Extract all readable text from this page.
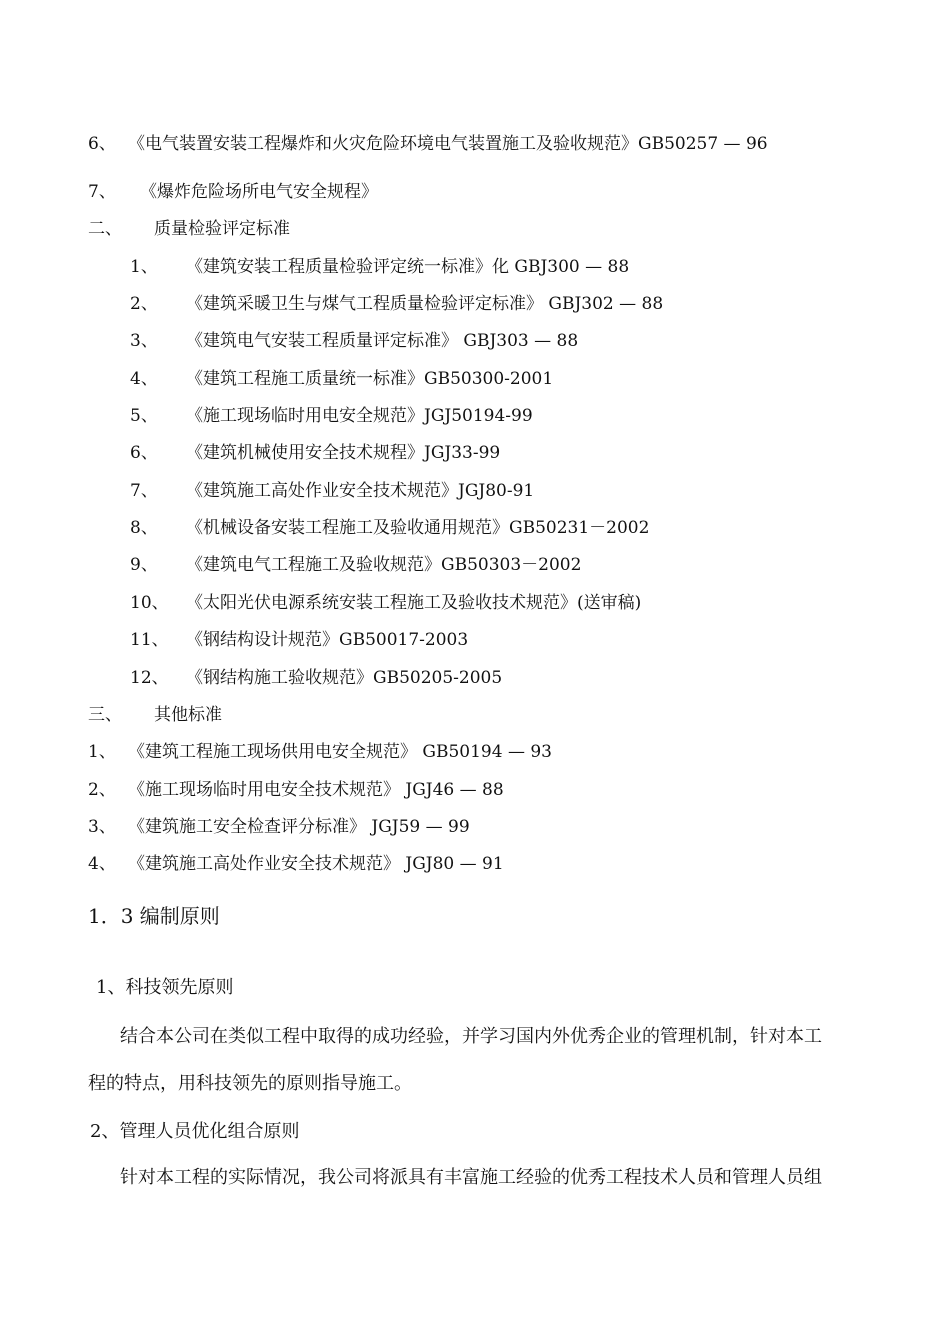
6、

《电气装置安装工程爆炸和火灾危险环境电气装置施工及验收规范》GB50257 — 96

7、

《爆炸危险场所电气安全规程》

二、

质量检验评定标准

1、

《建筑安装工程质量检验评定统一标准》化 GBJ300 — 88

2、

《建筑采暖卫生与煤气工程质量检验评定标准》 GBJ302 — 88

3、

《建筑电气安装工程质量评定标准》 GBJ303 — 88

4、

《建筑工程施工质量统一标准》GB50300-2001

5、

《施工现场临时用电安全规范》JGJ50194-99

6、

《建筑机械使用安全技术规程》JGJ33-99

7、

《建筑施工高处作业安全技术规范》JGJ80-91

8、

《机械设备安装工程施工及验收通用规范》GB50231－2002

9、

《建筑电气工程施工及验收规范》GB50303－2002

10、

《太阳光伏电源系统安装工程施工及验收技术规范》(送审稿)

11、

《钢结构设计规范》GB50017-2003

12、

《钢结构施工验收规范》GB50205-2005

三、

其他标准

1、

《建筑工程施工现场供用电安全规范》 GB50194 — 93

2、

《施工现场临时用电安全技术规范》 JGJ46 — 88

3、

《建筑施工安全检查评分标准》 JGJ59 — 99

4、

《建筑施工高处作业安全技术规范》 JGJ80 — 91

1．3 编制原则
1、科技领先原则
结合本公司在类似工程中取得的成功经验，并学习国内外优秀企业的管理机制，针对本工
程的特点，用科技领先的原则指导施工。
2、管理人员优化组合原则
针对本工程的实际情况，我公司将派具有丰富施工经验的优秀工程技术人员和管理人员组
